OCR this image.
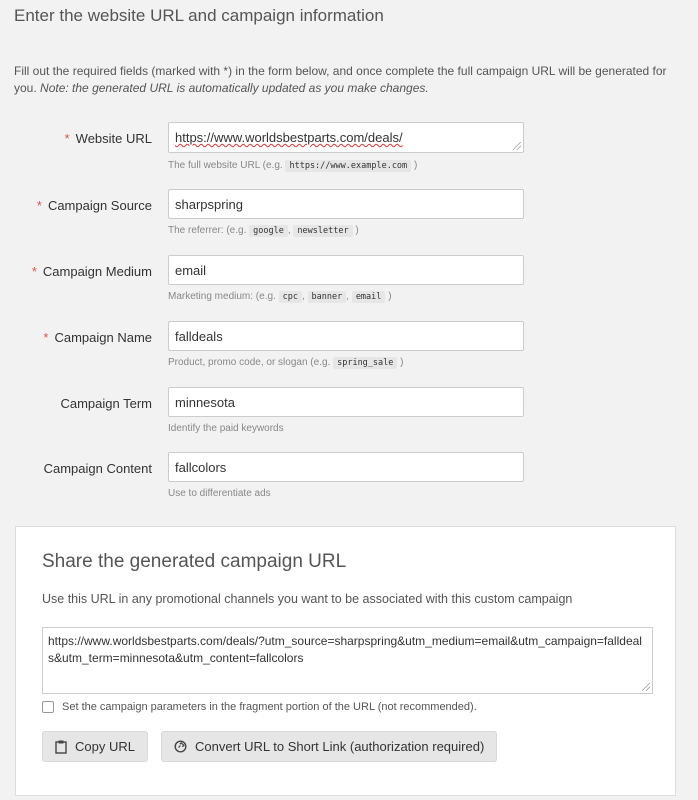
Enter the website URL and campaign information
Fill out the required fields (marked with *) in the form below, and once complete the full campaign URL will be generated for you. Note: the generated URL is automatically updated as you make changes.
* Website URL	https://www.worldsbestparts.com/deals/
The full website URL (e.g. https://www.example.com )
* Campaign Source	sharpspring
The referrer: (e.g. google , newsletter )
* Campaign Medium	email
Marketing medium: (e.g. cpc , banner , email )
* Campaign Name	falldeals
Product, promo code, or slogan (e.g. spring_sale )
Campaign Term	minnesota
Identify the paid keywords
Campaign Content	fallcolors
Use to differentiate ads
Share the generated campaign URL
Use this URL in any promotional channels you want to be associated with this custom campaign
https://www.worldsbestparts.com/deals/?utm_source=sharpspring&utm_medium=email&utm_campaign=falldeals&utm_term=minnesota&utm_content=fallcolors
Set the campaign parameters in the fragment portion of the URL (not recommended).
Copy URL	Convert URL to Short Link (authorization required)
